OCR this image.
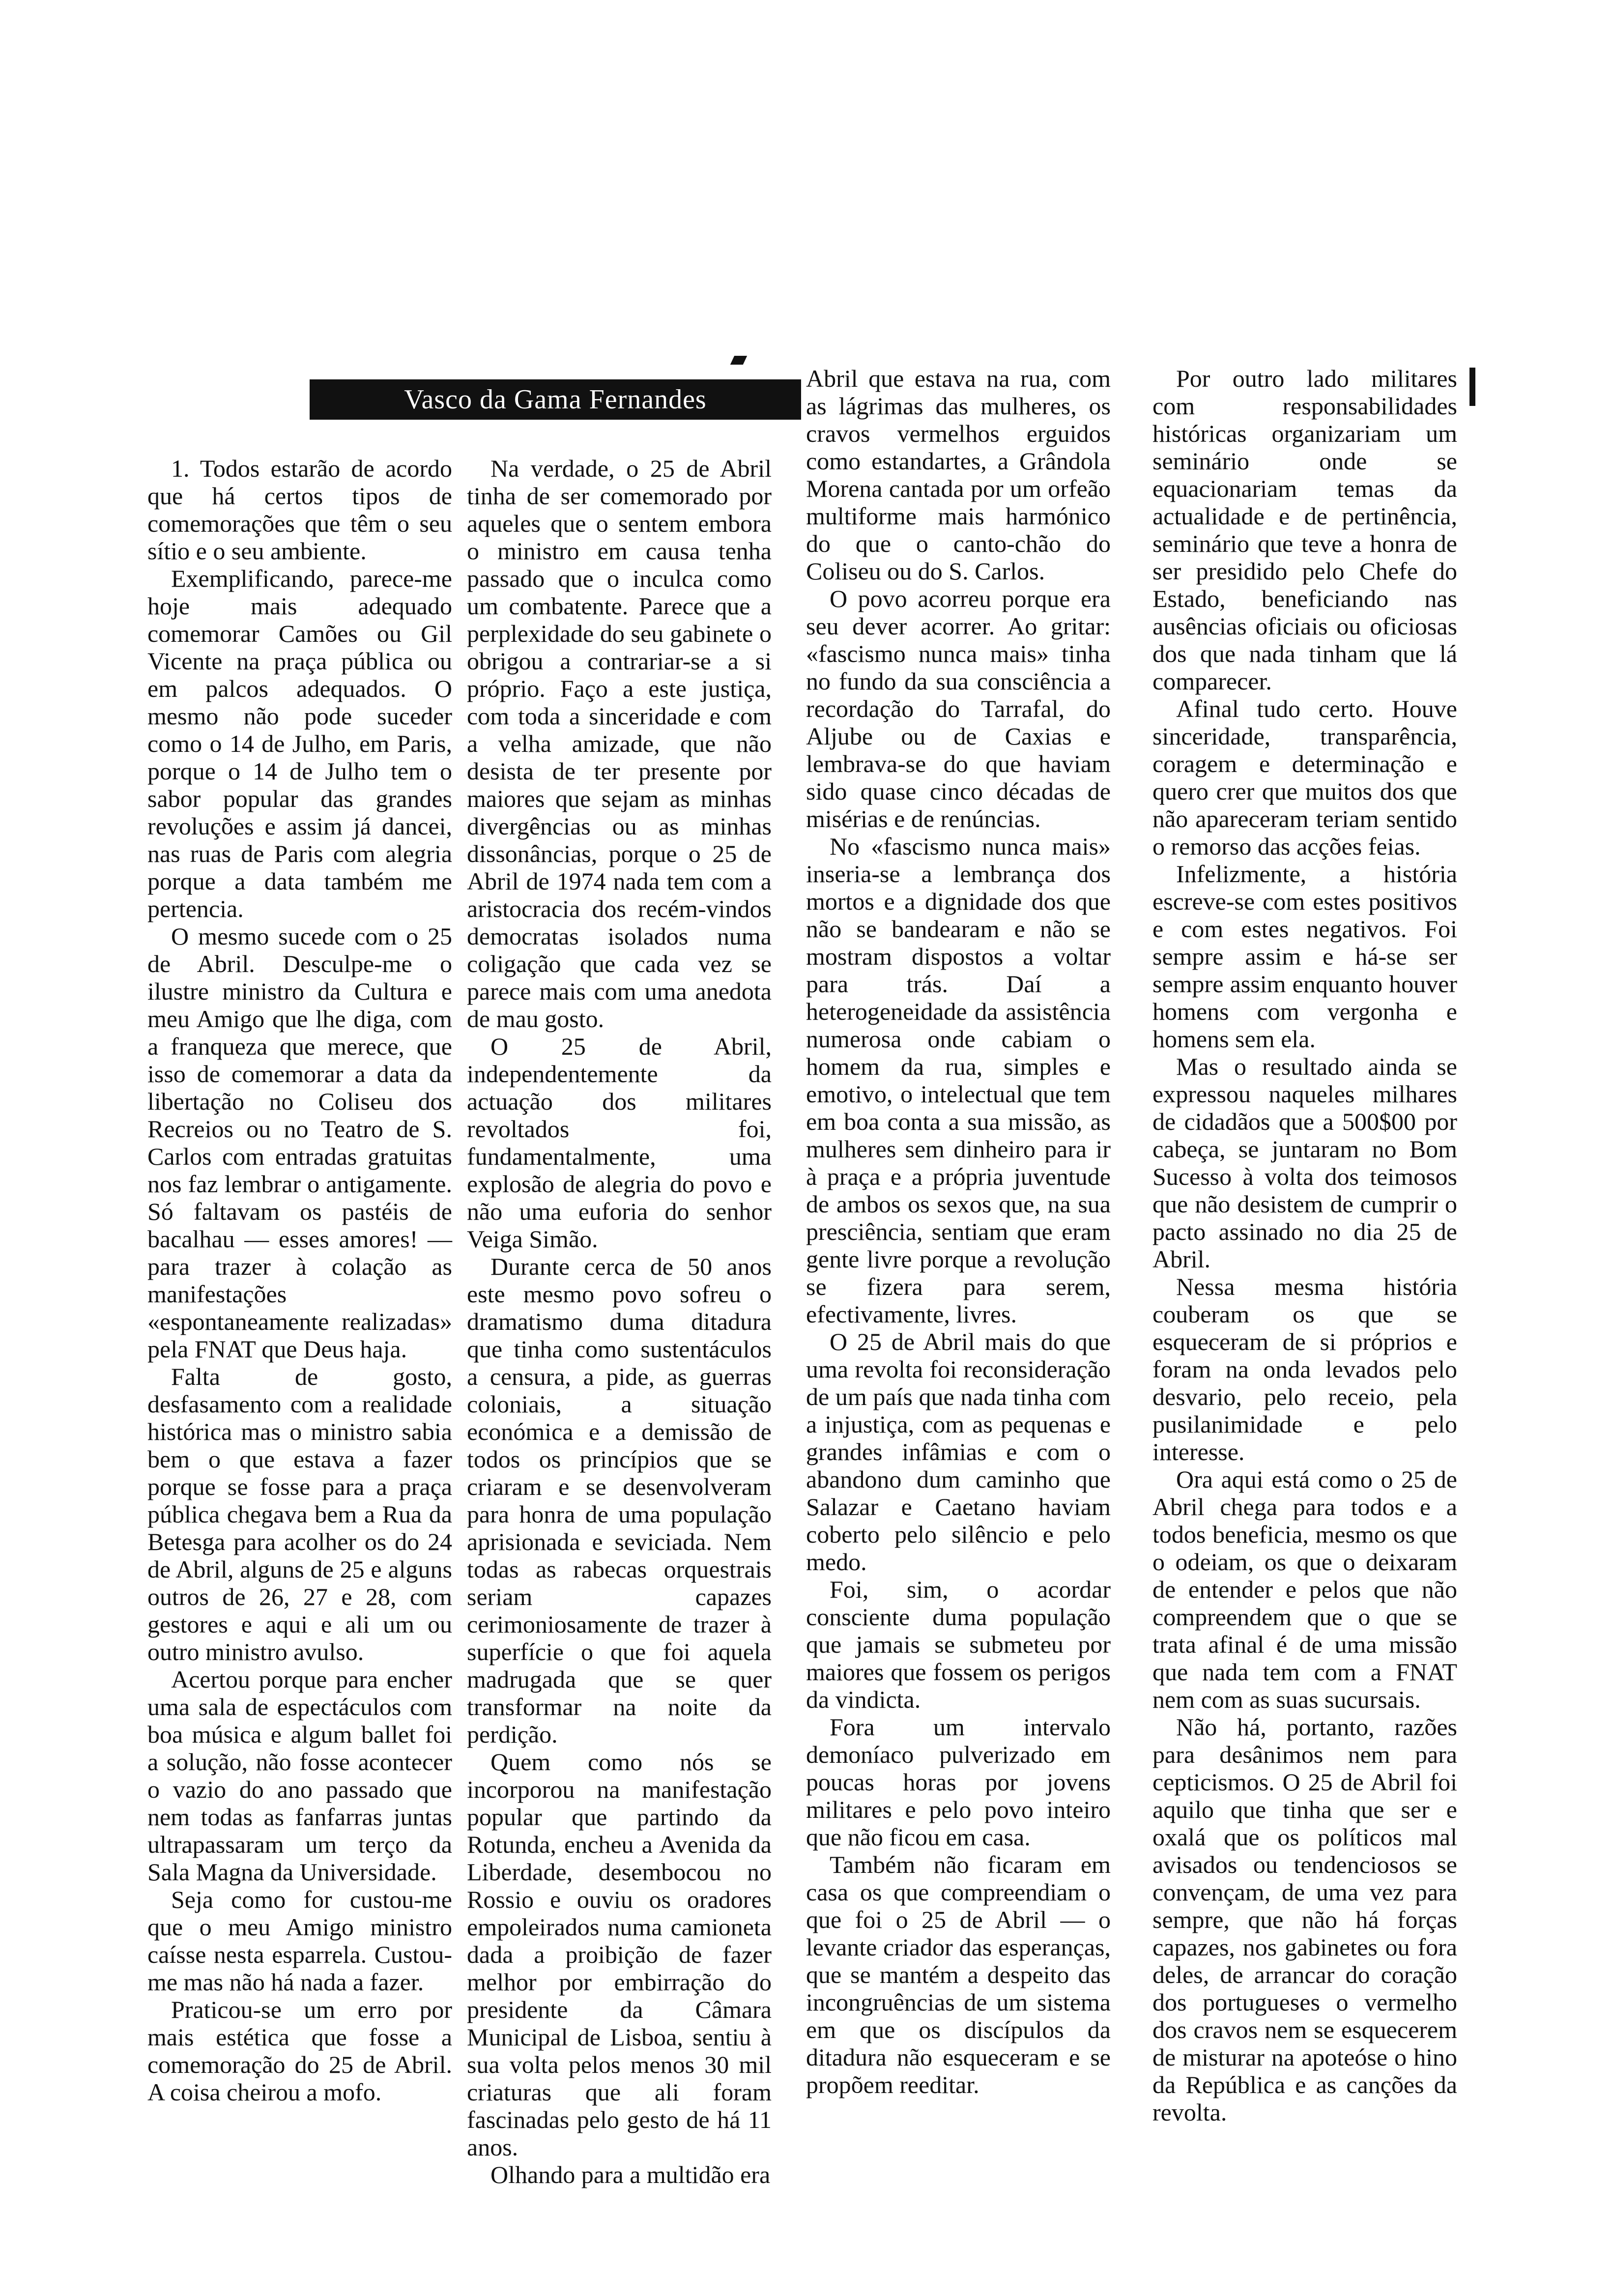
Vasco da Gama Fernandes

1. Todos estarão de acordo que há certos tipos de comemorações que têm o seu sítio e o seu ambiente.

Exemplificando, parece-me hoje mais adequado comemorar Camões ou Gil Vicente na praça pública ou em palcos adequados. O mesmo não pode suceder como o 14 de Julho, em Paris, porque o 14 de Julho tem o sabor popular das grandes revoluções e assim já dancei, nas ruas de Paris com alegria porque a data também me pertencia.

O mesmo sucede com o 25 de Abril. Desculpe-me o ilustre ministro da Cultura e meu Amigo que lhe diga, com a franqueza que merece, que isso de comemorar a data da libertação no Coliseu dos Recreios ou no Teatro de S. Carlos com entradas gratuitas nos faz lembrar o antigamente. Só faltavam os pastéis de bacalhau — esses amores! — para trazer à colação as manifestações «espontaneamente realizadas» pela FNAT que Deus haja.

Falta de gosto, desfasamento com a realidade histórica mas o ministro sabia bem o que estava a fazer porque se fosse para a praça pública chegava bem a Rua da Betesga para acolher os do 24 de Abril, alguns de 25 e alguns outros de 26, 27 e 28, com gestores e aqui e ali um ou outro ministro avulso.

Acertou porque para encher uma sala de espectáculos com boa música e algum ballet foi a solução, não fosse acontecer o vazio do ano passado que nem todas as fanfarras juntas ultrapassaram um terço da Sala Magna da Universidade.

Seja como for custou-me que o meu Amigo ministro caísse nesta esparrela. Custou-me mas não há nada a fazer.

Praticou-se um erro por mais estética que fosse a comemoração do 25 de Abril. A coisa cheirou a mofo.

Na verdade, o 25 de Abril tinha de ser comemorado por aqueles que o sentem embora o ministro em causa tenha passado que o inculca como um combatente. Parece que a perplexidade do seu gabinete o obrigou a contrariar-se a si próprio. Faço a este justiça, com toda a sinceridade e com a velha amizade, que não desista de ter presente por maiores que sejam as minhas divergências ou as minhas dissonâncias, porque o 25 de Abril de 1974 nada tem com a aristocracia dos recém-vindos democratas isolados numa coligação que cada vez se parece mais com uma anedota de mau gosto.

O 25 de Abril, independentemente da actuação dos militares revoltados foi, fundamentalmente, uma explosão de alegria do povo e não uma euforia do senhor Veiga Simão.

Durante cerca de 50 anos este mesmo povo sofreu o dramatismo duma ditadura que tinha como sustentáculos a censura, a pide, as guerras coloniais, a situação económica e a demissão de todos os princípios que se criaram e se desenvolveram para honra de uma população aprisionada e seviciada. Nem todas as rabecas orquestrais seriam capazes cerimoniosamente de trazer à superfície o que foi aquela madrugada que se quer transformar na noite da perdição.

Quem como nós se incorporou na manifestação popular que partindo da Rotunda, encheu a Avenida da Liberdade, desembocou no Rossio e ouviu os oradores empoleirados numa camioneta dada a proibição de fazer melhor por embirração do presidente da Câmara Municipal de Lisboa, sentiu à sua volta pelos menos 30 mil criaturas que ali foram fascinadas pelo gesto de há 11 anos.

Olhando para a multidão era

Abril que estava na rua, com as lágrimas das mulheres, os cravos vermelhos erguidos como estandartes, a Grândola Morena cantada por um orfeão multiforme mais harmónico do que o canto-chão do Coliseu ou do S. Carlos.

O povo acorreu porque era seu dever acorrer. Ao gritar: «fascismo nunca mais» tinha no fundo da sua consciência a recordação do Tarrafal, do Aljube ou de Caxias e lembrava-se do que haviam sido quase cinco décadas de misérias e de renúncias.

No «fascismo nunca mais» inseria-se a lembrança dos mortos e a dignidade dos que não se bandearam e não se mostram dispostos a voltar para trás. Daí a heterogeneidade da assistência numerosa onde cabiam o homem da rua, simples e emotivo, o intelectual que tem em boa conta a sua missão, as mulheres sem dinheiro para ir à praça e a própria juventude de ambos os sexos que, na sua presciência, sentiam que eram gente livre porque a revolução se fizera para serem, efectivamente, livres.

O 25 de Abril mais do que uma revolta foi reconsideração de um país que nada tinha com a injustiça, com as pequenas e grandes infâmias e com o abandono dum caminho que Salazar e Caetano haviam coberto pelo silêncio e pelo medo.

Foi, sim, o acordar consciente duma população que jamais se submeteu por maiores que fossem os perigos da vindicta.

Fora um intervalo demoníaco pulverizado em poucas horas por jovens militares e pelo povo inteiro que não ficou em casa.

Também não ficaram em casa os que compreendiam o que foi o 25 de Abril — o levante criador das esperanças, que se mantém a despeito das incongruências de um sistema em que os discípulos da ditadura não esqueceram e se propõem reeditar.

Por outro lado militares com responsabilidades históricas organizariam um seminário onde se equacionariam temas da actualidade e de pertinência, seminário que teve a honra de ser presidido pelo Chefe do Estado, beneficiando nas ausências oficiais ou oficiosas dos que nada tinham que lá comparecer.

Afinal tudo certo. Houve sinceridade, transparência, coragem e determinação e quero crer que muitos dos que não apareceram teriam sentido o remorso das acções feias.

Infelizmente, a história escreve-se com estes positivos e com estes negativos. Foi sempre assim e há-se ser sempre assim enquanto houver homens com vergonha e homens sem ela.

Mas o resultado ainda se expressou naqueles milhares de cidadãos que a 500$00 por cabeça, se juntaram no Bom Sucesso à volta dos teimosos que não desistem de cumprir o pacto assinado no dia 25 de Abril.

Nessa mesma história couberam os que se esqueceram de si próprios e foram na onda levados pelo desvario, pelo receio, pela pusilanimidade e pelo interesse.

Ora aqui está como o 25 de Abril chega para todos e a todos beneficia, mesmo os que o odeiam, os que o deixaram de entender e pelos que não compreendem que o que se trata afinal é de uma missão que nada tem com a FNAT nem com as suas sucursais.

Não há, portanto, razões para desânimos nem para cepticismos. O 25 de Abril foi aquilo que tinha que ser e oxalá que os políticos mal avisados ou tendenciosos se convençam, de uma vez para sempre, que não há forças capazes, nos gabinetes ou fora deles, de arrancar do coração dos portugueses o vermelho dos cravos nem se esquecerem de misturar na apoteóse o hino da República e as canções da revolta.
